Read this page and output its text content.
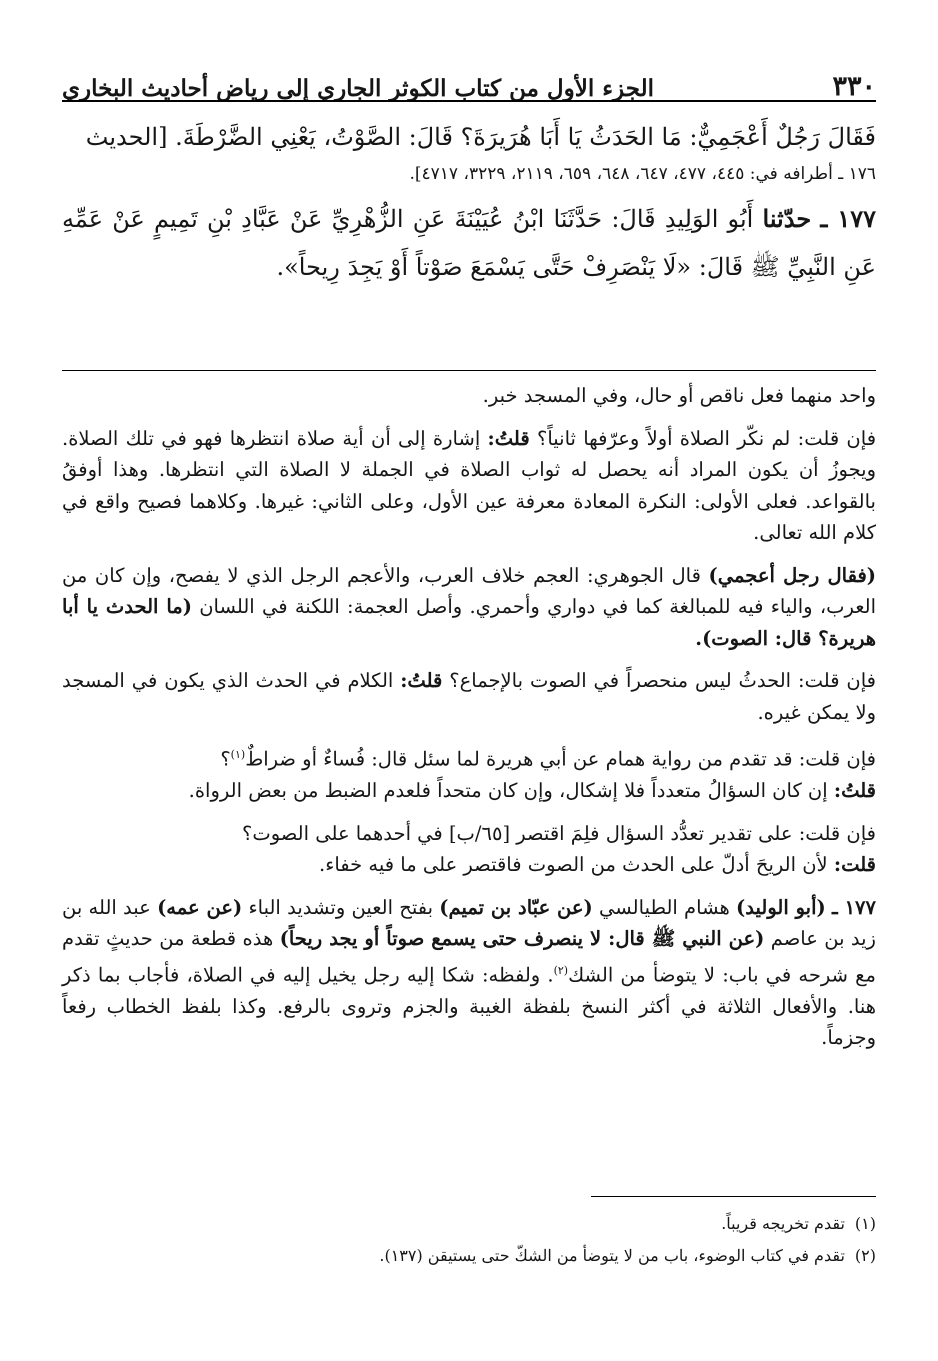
٣٣٠
الجزء الأول من كتاب الكوثر الجاري إلى رياض أحاديث البخاري

فَقَالَ رَجُلٌ أَعْجَمِيٌّ: مَا الحَدَثُ يَا أَبَا هُرَيرَةَ؟ قَالَ: الصَّوْتُ، يَعْنِي الضَّرْطَةَ. [الحديث

١٧٦ ـ أطرافه في: ٤٤٥، ٤٧٧، ٦٤٧، ٦٤٨، ٦٥٩، ٢١١٩، ٣٢٢٩، ٤٧١٧].

١٧٧ ـ حدّثنا أَبُو الوَلِيدِ قَالَ: حَدَّثَنَا ابْنُ عُيَيْنَةَ عَنِ الزُّهْرِيِّ عَنْ عَبَّادِ بْنِ تَمِيمٍ عَنْ عَمِّهِ عَنِ النَّبِيِّ ﷺ قَالَ: «لَا يَنْصَرِفْ حَتَّى يَسْمَعَ صَوْتاً أَوْ يَجِدَ رِيحاً».

واحد منهما فعل ناقص أو حال، وفي المسجد خبر.

فإن قلت: لم نكّر الصلاة أولاً وعرّفها ثانياً؟ قلتُ: إشارة إلى أن أية صلاة انتظرها فهو في تلك الصلاة. ويجوزُ أن يكون المراد أنه يحصل له ثواب الصلاة في الجملة لا الصلاة التي انتظرها. وهذا أوفقُ بالقواعد. فعلى الأولى: النكرة المعادة معرفة عين الأول، وعلى الثاني: غيرها. وكلاهما فصيح واقع في كلام الله تعالى.

(فقال رجل أعجمي) قال الجوهري: العجم خلاف العرب، والأعجم الرجل الذي لا يفصح، وإن كان من العرب، والياء فيه للمبالغة كما في دواري وأحمري. وأصل العجمة: اللكنة في اللسان (ما الحدث يا أبا هريرة؟ قال: الصوت).

فإن قلت: الحدثُ ليس منحصراً في الصوت بالإجماع؟ قلتُ: الكلام في الحدث الذي يكون في المسجد ولا يمكن غيره.

فإن قلت: قد تقدم من رواية همام عن أبي هريرة لما سئل قال: فُساءٌ أو ضراطٌ$^{(١)}$؟
قلتُ: إن كان السؤالُ متعدداً فلا إشكال، وإن كان متحداً فلعدم الضبط من بعض الرواة.

فإن قلت: على تقدير تعدُّد السؤال فلِمَ اقتصر [٦٥/ب] في أحدهما على الصوت؟
قلت: لأن الريحَ أدلّ على الحدث من الصوت فاقتصر على ما فيه خفاء.

١٧٧ ـ (أبو الوليد) هشام الطيالسي (عن عبّاد بن تميم) بفتح العين وتشديد الباء (عن عمه) عبد الله بن زيد بن عاصم (عن النبي ﷺ قال: لا ينصرف حتى يسمع صوتاً أو يجد ريحاً) هذه قطعة من حديثٍ تقدم مع شرحه في باب: لا يتوضأ من الشك$^{(٢)}$. ولفظه: شكا إليه رجل يخيل إليه في الصلاة، فأجاب بما ذكر هنا. والأفعال الثلاثة في أكثر النسخ بلفظة الغيبة والجزم وتروى بالرفع. وكذا بلفظ الخطاب رفعاً وجزماً.

(١)
تقدم تخريجه قريباً.

(٢)
تقدم في كتاب الوضوء، باب من لا يتوضأ من الشكّ حتى يستيقن (١٣٧).
